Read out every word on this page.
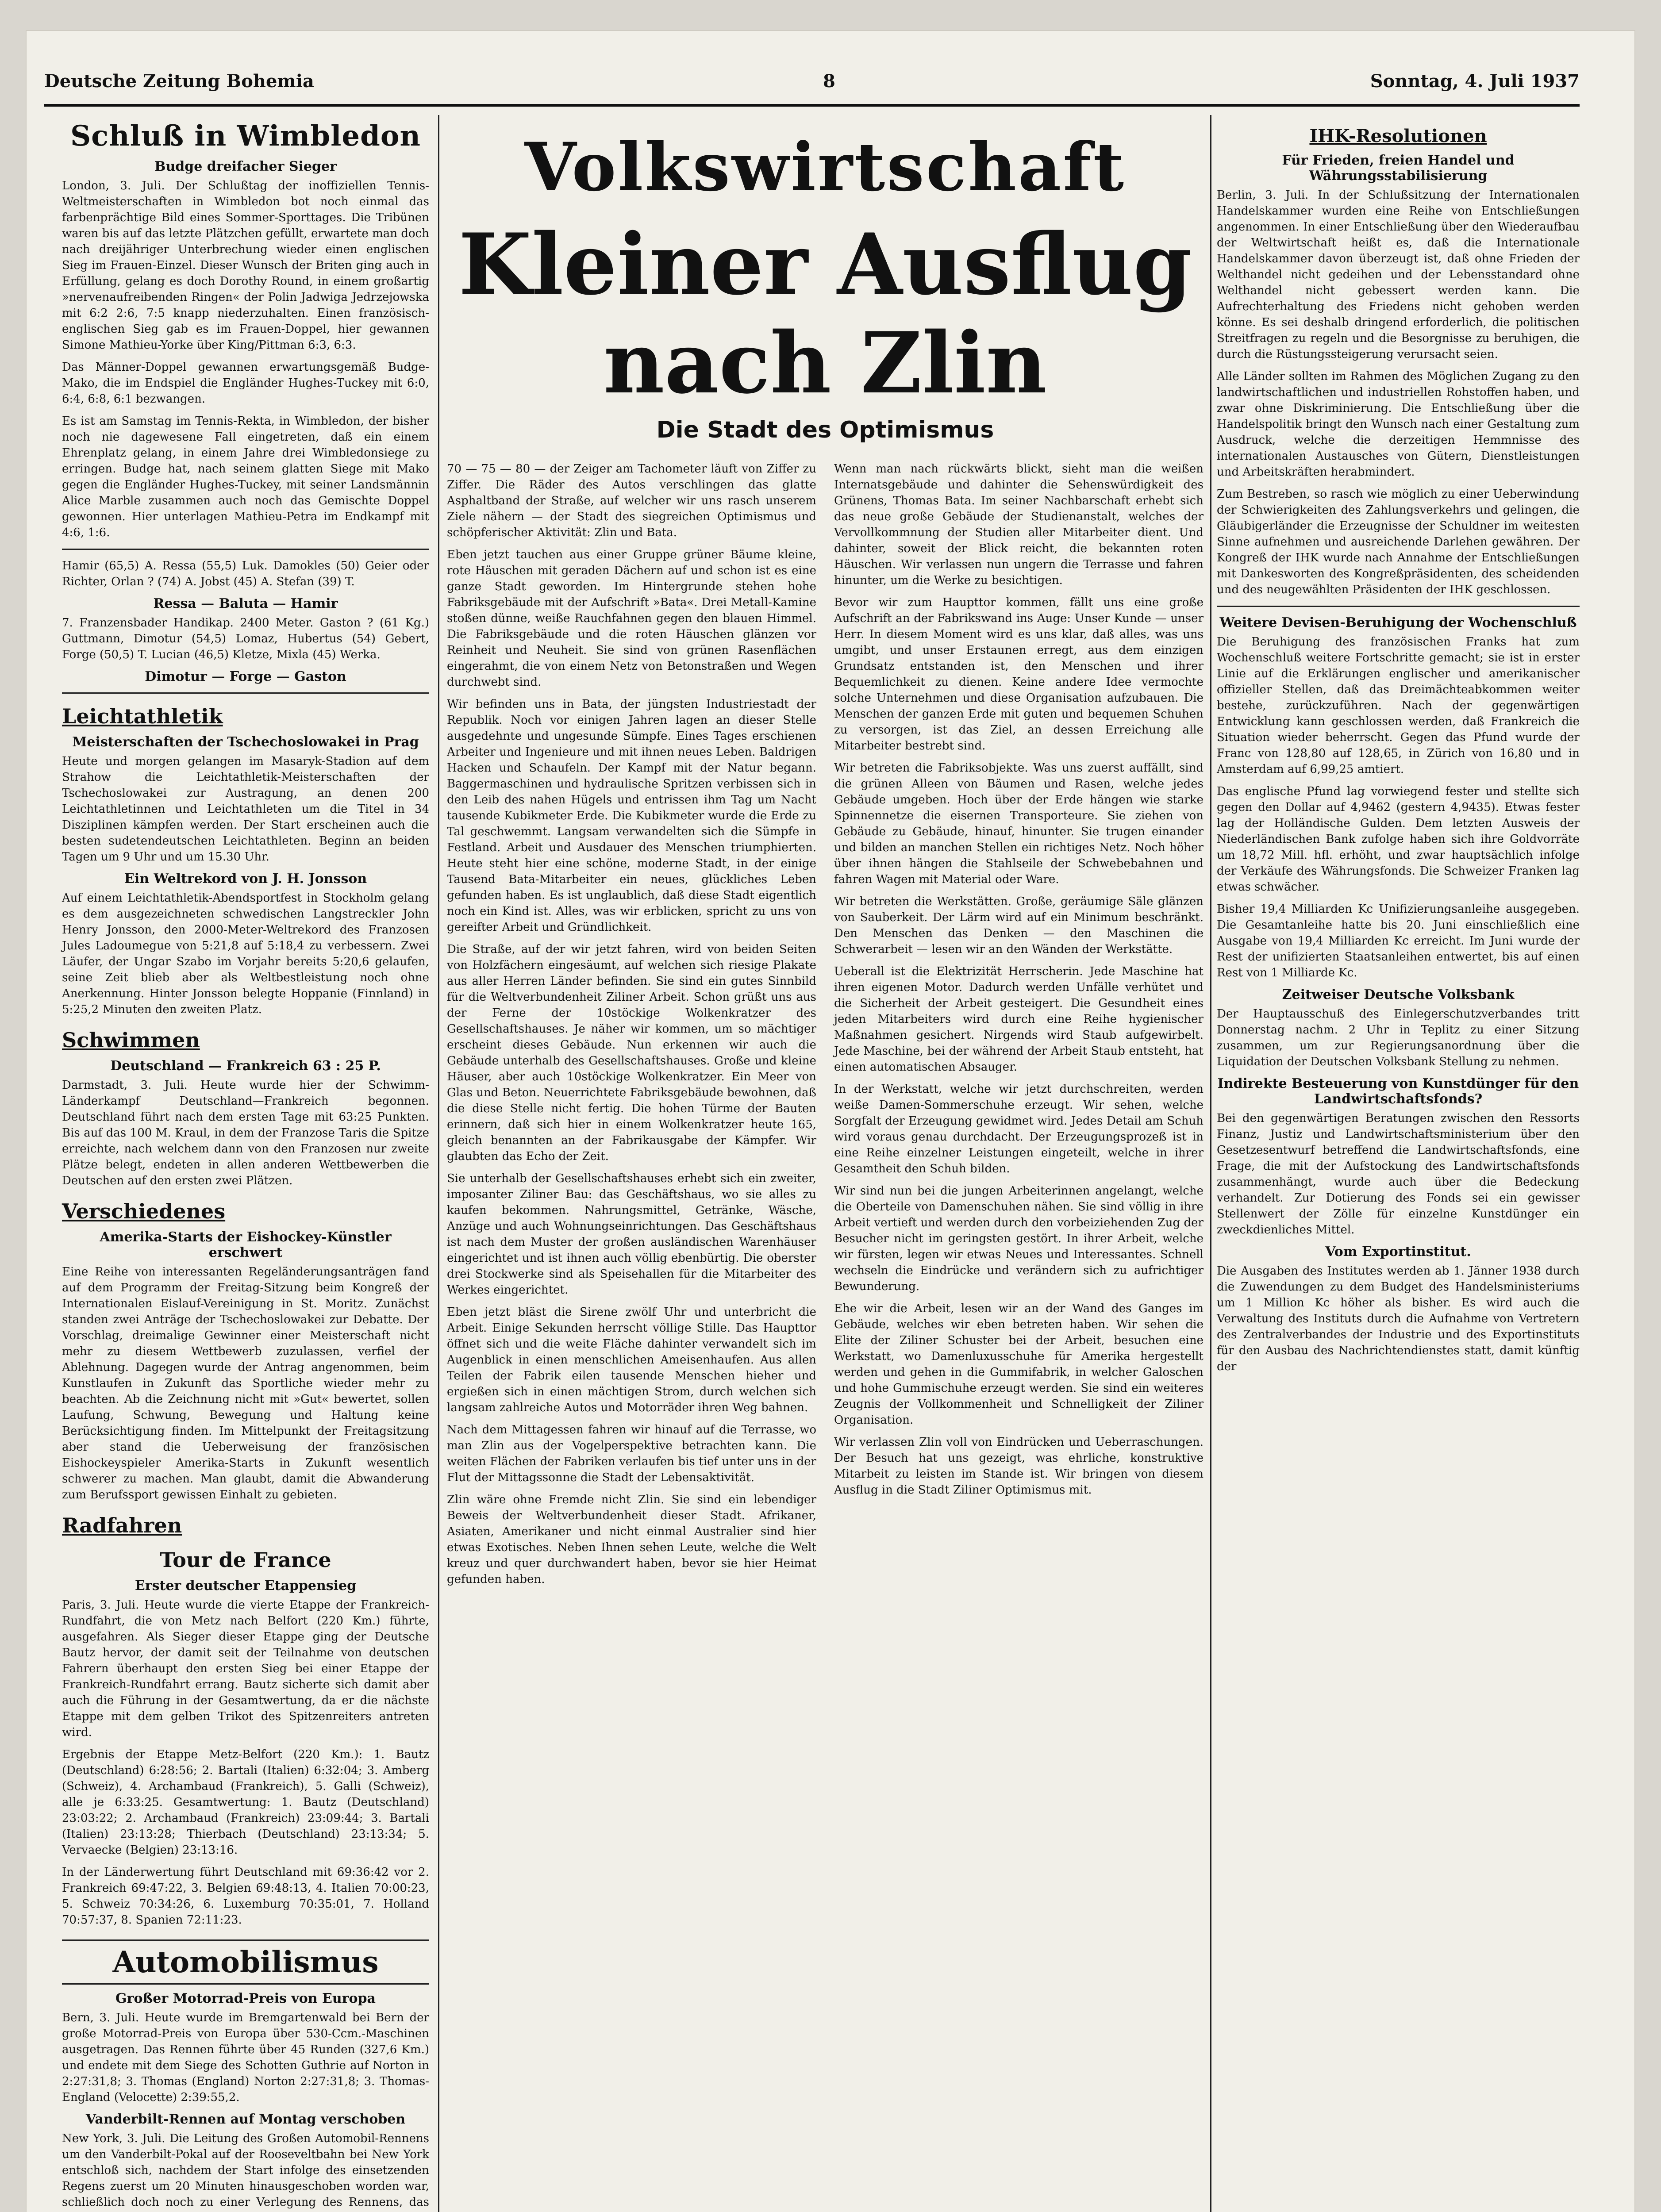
Deutsche Zeitung Bohemia	8	Sonntag, 4. Juli 1937
Schluß in Wimbledon
Budge dreifacher Sieger

London, 3. Juli. Der Schlußtag der inoffiziellen Tennis-Weltmeisterschaften in Wimbledon bot noch einmal das farbenprächtige Bild eines Sommer-Sporttages. Die Tribünen waren bis auf das letzte Plätzchen gefüllt, erwartete man doch nach dreijähriger Unterbrechung wieder einen englischen Sieg im Frauen-Einzel. Dieser Wunsch der Briten ging auch in Erfüllung, gelang es doch Dorothy Round, in einem großartig »nervenaufreibenden Ringen« der Polin Jadwiga Jedrzejowska mit 6:2 2:6, 7:5 knapp niederzuhalten. Einen französisch-englischen Sieg gab es im Frauen-Doppel, hier gewannen Simone Mathieu-Yorke über King/Pittman 6:3, 6:3.

Das Männer-Doppel gewannen erwartungsgemäß Budge-Mako, die im Endspiel die Engländer Hughes-Tuckey mit 6:0, 6:4, 6:8, 6:1 bezwangen.

Es ist am Samstag im Tennis-Rekta, in Wimbledon, der bisher noch nie dagewesene Fall eingetreten, daß ein einem Ehrenplatz gelang, in einem Jahre drei Wimbledonsiege zu erringen. Budge hat, nach seinem glatten Siege mit Mako gegen die Engländer Hughes-Tuckey, mit seiner Landsmännin Alice Marble zusammen auch noch das Gemischte Doppel gewonnen. Hier unterlagen Mathieu-Petra im Endkampf mit 4:6, 1:6.

Hamir (65,5) A. Ressa (55,5) Luk. Damokles (50) Geier oder Richter, Orlan ? (74) A. Jobst (45) A. Stefan (39) T.

Ressa — Baluta — Hamir

7. Franzensbader Handikap. 2400 Meter. Gaston ? (61 Kg.) Guttmann, Dimotur (54,5) Lomaz, Hubertus (54) Gebert, Forge (50,5) T. Lucian (46,5) Kletze, Mixla (45) Werka.

Dimotur — Forge — Gaston
Leichtathletik
Meisterschaften der Tschechoslowakei in Prag

Heute und morgen gelangen im Masaryk-Stadion auf dem Strahow die Leichtathletik-Meisterschaften der Tschechoslowakei zur Austragung, an denen 200 Leichtathletinnen und Leichtathleten um die Titel in 34 Disziplinen kämpfen werden. Der Start erscheinen auch die besten sudetendeutschen Leichtathleten. Beginn an beiden Tagen um 9 Uhr und um 15.30 Uhr.

Ein Weltrekord von J. H. Jonsson

Auf einem Leichtathletik-Abendsportfest in Stockholm gelang es dem ausgezeichneten schwedischen Langstreckler John Henry Jonsson, den 2000-Meter-Weltrekord des Franzosen Jules Ladoumegue von 5:21,8 auf 5:18,4 zu verbessern. Zwei Läufer, der Ungar Szabo im Vorjahr bereits 5:20,6 gelaufen, seine Zeit blieb aber als Weltbestleistung noch ohne Anerkennung. Hinter Jonsson belegte Hoppanie (Finnland) in 5:25,2 Minuten den zweiten Platz.

Schwimmen
Deutschland — Frankreich 63 : 25 P.

Darmstadt, 3. Juli. Heute wurde hier der Schwimm-Länderkampf Deutschland—Frankreich begonnen. Deutschland führt nach dem ersten Tage mit 63:25 Punkten. Bis auf das 100 M. Kraul, in dem der Franzose Taris die Spitze erreichte, nach welchem dann von den Franzosen nur zweite Plätze belegt, endeten in allen anderen Wettbewerben die Deutschen auf den ersten zwei Plätzen.

Verschiedenes
Amerika-Starts der Eishockey-Künstler erschwert

Eine Reihe von interessanten Regeländerungsanträgen fand auf dem Programm der Freitag-Sitzung beim Kongreß der Internationalen Eislauf-Vereinigung in St. Moritz. Zunächst standen zwei Anträge der Tschechoslowakei zur Debatte. Der Vorschlag, dreimalige Gewinner einer Meisterschaft nicht mehr zu diesem Wettbewerb zuzulassen, verfiel der Ablehnung. Dagegen wurde der Antrag angenommen, beim Kunstlaufen in Zukunft das Sportliche wieder mehr zu beachten. Ab die Zeichnung nicht mit »Gut« bewertet, sollen Laufung, Schwung, Bewegung und Haltung keine Berücksichtigung finden. Im Mittelpunkt der Freitagsitzung aber stand die Ueberweisung der französischen Eishockeyspieler Amerika-Starts in Zukunft wesentlich schwerer zu machen. Man glaubt, damit die Abwanderung zum Berufssport gewissen Einhalt zu gebieten.

Radfahren
Tour de France
Erster deutscher Etappensieg

Paris, 3. Juli. Heute wurde die vierte Etappe der Frankreich-Rundfahrt, die von Metz nach Belfort (220 Km.) führte, ausgefahren. Als Sieger dieser Etappe ging der Deutsche Bautz hervor, der damit seit der Teilnahme von deutschen Fahrern überhaupt den ersten Sieg bei einer Etappe der Frankreich-Rundfahrt errang. Bautz sicherte sich damit aber auch die Führung in der Gesamtwertung, da er die nächste Etappe mit dem gelben Trikot des Spitzenreiters antreten wird.

Ergebnis der Etappe Metz-Belfort (220 Km.): 1. Bautz (Deutschland) 6:28:56; 2. Bartali (Italien) 6:32:04; 3. Amberg (Schweiz), 4. Archambaud (Frankreich), 5. Galli (Schweiz), alle je 6:33:25. Gesamtwertung: 1. Bautz (Deutschland) 23:03:22; 2. Archambaud (Frankreich) 23:09:44; 3. Bartali (Italien) 23:13:28; Thierbach (Deutschland) 23:13:34; 5. Vervaecke (Belgien) 23:13:16.

In der Länderwertung führt Deutschland mit 69:36:42 vor 2. Frankreich 69:47:22, 3. Belgien 69:48:13, 4. Italien 70:00:23, 5. Schweiz 70:34:26, 6. Luxemburg 70:35:01, 7. Holland 70:57:37, 8. Spanien 72:11:23.

Automobilismus
Großer Motorrad-Preis von Europa

Bern, 3. Juli. Heute wurde im Bremgartenwald bei Bern der große Motorrad-Preis von Europa über 530-Ccm.-Maschinen ausgetragen. Das Rennen führte über 45 Runden (327,6 Km.) und endete mit dem Siege des Schotten Guthrie auf Norton in 2:27:31,8; 3. Thomas (England) Norton 2:27:31,8; 3. Thomas-England (Velocette) 2:39:55,2.

Vanderbilt-Rennen auf Montag verschoben

New York, 3. Juli. Die Leitung des Großen Automobil-Rennens um den Vanderbilt-Pokal auf der Rooseveltbahn bei New York entschloß sich, nachdem der Start infolge des einsetzenden Regens zuerst um 20 Minuten hinausgeschoben worden war, schließlich doch noch zu einer Verlegung des Rennens, das

Volkswirtschaft
Kleiner Ausflug nach Zlin
Die Stadt des Optimismus

70 — 75 — 80 — der Zeiger am Tachometer läuft von Ziffer zu Ziffer. Die Räder des Autos verschlingen das glatte Asphaltband der Straße, auf welcher wir uns rasch unserem Ziele nähern — der Stadt des siegreichen Optimismus und schöpferischer Aktivität: Zlin und Bata.

Eben jetzt tauchen aus einer Gruppe grüner Bäume kleine, rote Häuschen mit geraden Dächern auf und schon ist es eine ganze Stadt geworden. Im Hintergrunde stehen hohe Fabriksgebäude mit der Aufschrift »Bata«. Drei Metall-Kamine stoßen dünne, weiße Rauchfahnen gegen den blauen Himmel. Die Fabriksgebäude und die roten Häuschen glänzen vor Reinheit und Neuheit. Sie sind von grünen Rasenflächen eingerahmt, die von einem Netz von Betonstraßen und Wegen durchwebt sind.

Wir befinden uns in Bata, der jüngsten Industriestadt der Republik. Noch vor einigen Jahren lagen an dieser Stelle ausgedehnte und ungesunde Sümpfe. Eines Tages erschienen Arbeiter und Ingenieure und mit ihnen neues Leben. Baldrigen Hacken und Schaufeln. Der Kampf mit der Natur begann. Baggermaschinen und hydraulische Spritzen verbissen sich in den Leib des nahen Hügels und entrissen ihm Tag um Nacht tausende Kubikmeter Erde. Die Kubikmeter wurde die Erde zu Tal geschwemmt. Langsam verwandelten sich die Sümpfe in Festland. Arbeit und Ausdauer des Menschen triumphierten. Heute steht hier eine schöne, moderne Stadt, in der einige Tausend Bata-Mitarbeiter ein neues, glückliches Leben gefunden haben. Es ist unglaublich, daß diese Stadt eigentlich noch ein Kind ist. Alles, was wir erblicken, spricht zu uns von gereifter Arbeit und Gründlichkeit.

Die Straße, auf der wir jetzt fahren, wird von beiden Seiten von Holzfächern eingesäumt, auf welchen sich riesige Plakate aus aller Herren Länder befinden. Sie sind ein gutes Sinnbild für die Weltverbundenheit Ziliner Arbeit. Schon grüßt uns aus der Ferne der 10stöckige Wolkenkratzer des Gesellschaftshauses. Je näher wir kommen, um so mächtiger erscheint dieses Gebäude. Nun erkennen wir auch die Gebäude unterhalb des Gesellschaftshauses. Große und kleine Häuser, aber auch 10stöckige Wolkenkratzer. Ein Meer von Glas und Beton. Neuerrichtete Fabriksgebäude bewohnen, daß die diese Stelle nicht fertig. Die hohen Türme der Bauten erinnern, daß sich hier in einem Wolkenkratzer heute 165, gleich benannten an der Fabrikausgabe der Kämpfer. Wir glaubten das Echo der Zeit.

Sie unterhalb der Gesellschaftshauses erhebt sich ein zweiter, imposanter Ziliner Bau: das Geschäftshaus, wo sie alles zu kaufen bekommen. Nahrungsmittel, Getränke, Wäsche, Anzüge und auch Wohnungseinrichtungen. Das Geschäftshaus ist nach dem Muster der großen ausländischen Warenhäuser eingerichtet und ist ihnen auch völlig ebenbürtig. Die oberster drei Stockwerke sind als Speisehallen für die Mitarbeiter des Werkes eingerichtet.

Eben jetzt bläst die Sirene zwölf Uhr und unterbricht die Arbeit. Einige Sekunden herrscht völlige Stille. Das Haupttor öffnet sich und die weite Fläche dahinter verwandelt sich im Augenblick in einen menschlichen Ameisenhaufen. Aus allen Teilen der Fabrik eilen tausende Menschen hieher und ergießen sich in einen mächtigen Strom, durch welchen sich langsam zahlreiche Autos und Motorräder ihren Weg bahnen.

Nach dem Mittagessen fahren wir hinauf auf die Terrasse, wo man Zlin aus der Vogelperspektive betrachten kann. Die weiten Flächen der Fabriken verlaufen bis tief unter uns in der Flut der Mittagssonne die Stadt der Lebensaktivität.

Zlin wäre ohne Fremde nicht Zlin. Sie sind ein lebendiger Beweis der Weltverbundenheit dieser Stadt. Afrikaner, Asiaten, Amerikaner und nicht einmal Australier sind hier etwas Exotisches. Neben Ihnen sehen Leute, welche die Welt kreuz und quer durchwandert haben, bevor sie hier Heimat gefunden haben.

Wenn man nach rückwärts blickt, sieht man die weißen Internatsgebäude und dahinter die Sehenswürdigkeit des Grünens, Thomas Bata. Im seiner Nachbarschaft erhebt sich das neue große Gebäude der Studienanstalt, welches der Vervollkommnung der Studien aller Mitarbeiter dient. Und dahinter, soweit der Blick reicht, die bekannten roten Häuschen. Wir verlassen nun ungern die Terrasse und fahren hinunter, um die Werke zu besichtigen.

Bevor wir zum Haupttor kommen, fällt uns eine große Aufschrift an der Fabrikswand ins Auge: Unser Kunde — unser Herr. In diesem Moment wird es uns klar, daß alles, was uns umgibt, und unser Erstaunen erregt, aus dem einzigen Grundsatz entstanden ist, den Menschen und ihrer Bequemlichkeit zu dienen. Keine andere Idee vermochte solche Unternehmen und diese Organisation aufzubauen. Die Menschen der ganzen Erde mit guten und bequemen Schuhen zu versorgen, ist das Ziel, an dessen Erreichung alle Mitarbeiter bestrebt sind.

Wir betreten die Fabriksobjekte. Was uns zuerst auffällt, sind die grünen Alleen von Bäumen und Rasen, welche jedes Gebäude umgeben. Hoch über der Erde hängen wie starke Spinnennetze die eisernen Transporteure. Sie ziehen von Gebäude zu Gebäude, hinauf, hinunter. Sie trugen einander und bilden an manchen Stellen ein richtiges Netz. Noch höher über ihnen hängen die Stahlseile der Schwebebahnen und fahren Wagen mit Material oder Ware.

Wir betreten die Werkstätten. Große, geräumige Säle glänzen von Sauberkeit. Der Lärm wird auf ein Minimum beschränkt. Den Menschen das Denken — den Maschinen die Schwerarbeit — lesen wir an den Wänden der Werkstätte.

Ueberall ist die Elektrizität Herrscherin. Jede Maschine hat ihren eigenen Motor. Dadurch werden Unfälle verhütet und die Sicherheit der Arbeit gesteigert. Die Gesundheit eines jeden Mitarbeiters wird durch eine Reihe hygienischer Maßnahmen gesichert. Nirgends wird Staub aufgewirbelt. Jede Maschine, bei der während der Arbeit Staub entsteht, hat einen automatischen Absauger.

In der Werkstatt, welche wir jetzt durchschreiten, werden weiße Damen-Sommerschuhe erzeugt. Wir sehen, welche Sorgfalt der Erzeugung gewidmet wird. Jedes Detail am Schuh wird voraus genau durchdacht. Der Erzeugungsprozeß ist in eine Reihe einzelner Leistungen eingeteilt, welche in ihrer Gesamtheit den Schuh bilden.

Wir sind nun bei die jungen Arbeiterinnen angelangt, welche die Oberteile von Damenschuhen nähen. Sie sind völlig in ihre Arbeit vertieft und werden durch den vorbeiziehenden Zug der Besucher nicht im geringsten gestört. In ihrer Arbeit, welche wir fürsten, legen wir etwas Neues und Interessantes. Schnell wechseln die Eindrücke und verändern sich zu aufrichtiger Bewunderung.

Ehe wir die Arbeit, lesen wir an der Wand des Ganges im Gebäude, welches wir eben betreten haben. Wir sehen die Elite der Ziliner Schuster bei der Arbeit, besuchen eine Werkstatt, wo Damenluxusschuhe für Amerika hergestellt werden und gehen in die Gummifabrik, in welcher Galoschen und hohe Gummischuhe erzeugt werden. Sie sind ein weiteres Zeugnis der Vollkommenheit und Schnelligkeit der Ziliner Organisation.

Wir verlassen Zlin voll von Eindrücken und Ueberraschungen. Der Besuch hat uns gezeigt, was ehrliche, konstruktive Mitarbeit zu leisten im Stande ist. Wir bringen von diesem Ausflug in die Stadt Ziliner Optimismus mit.

IHK-Resolutionen
Für Frieden, freien Handel und Währungsstabilisierung

Berlin, 3. Juli. In der Schlußsitzung der Internationalen Handelskammer wurden eine Reihe von Entschließungen angenommen. In einer Entschließung über den Wiederaufbau der Weltwirtschaft heißt es, daß die Internationale Handelskammer davon überzeugt ist, daß ohne Frieden der Welthandel nicht gedeihen und der Lebensstandard ohne Welthandel nicht gebessert werden kann. Die Aufrechterhaltung des Friedens nicht gehoben werden könne. Es sei deshalb dringend erforderlich, die politischen Streitfragen zu regeln und die Besorgnisse zu beruhigen, die durch die Rüstungssteigerung verursacht seien.

Alle Länder sollten im Rahmen des Möglichen Zugang zu den landwirtschaftlichen und industriellen Rohstoffen haben, und zwar ohne Diskriminierung. Die Entschließung über die Handelspolitik bringt den Wunsch nach einer Gestaltung zum Ausdruck, welche die derzeitigen Hemmnisse des internationalen Austausches von Gütern, Dienstleistungen und Arbeitskräften herabmindert.

Zum Bestreben, so rasch wie möglich zu einer Ueberwindung der Schwierigkeiten des Zahlungsverkehrs und gelingen, die Gläubigerländer die Erzeugnisse der Schuldner im weitesten Sinne aufnehmen und ausreichende Darlehen gewähren. Der Kongreß der IHK wurde nach Annahme der Entschließungen mit Dankesworten des Kongreßpräsidenten, des scheidenden und des neugewählten Präsidenten der IHK geschlossen.

Weitere Devisen-Beruhigung der Wochenschluß

Die Beruhigung des französischen Franks hat zum Wochenschluß weitere Fortschritte gemacht; sie ist in erster Linie auf die Erklärungen englischer und amerikanischer offizieller Stellen, daß das Dreimächteabkommen weiter bestehe, zurückzuführen. Nach der gegenwärtigen Entwicklung kann geschlossen werden, daß Frankreich die Situation wieder beherrscht. Gegen das Pfund wurde der Franc von 128,80 auf 128,65, in Zürich von 16,80 und in Amsterdam auf 6,99,25 amtiert.

Das englische Pfund lag vorwiegend fester und stellte sich gegen den Dollar auf 4,9462 (gestern 4,9435). Etwas fester lag der Holländische Gulden. Dem letzten Ausweis der Niederländischen Bank zufolge haben sich ihre Goldvorräte um 18,72 Mill. hfl. erhöht, und zwar hauptsächlich infolge der Verkäufe des Währungsfonds. Die Schweizer Franken lag etwas schwächer.

Bisher 19,4 Milliarden Kc Unifizierungsanleihe ausgegeben. Die Gesamtanleihe hatte bis 20. Juni einschließlich eine Ausgabe von 19,4 Milliarden Kc erreicht. Im Juni wurde der Rest der unifizierten Staatsanleihen entwertet, bis auf einen Rest von 1 Milliarde Kc.

Zeitweiser Deutsche Volksbank

Der Hauptausschuß des Einlegerschutzverbandes tritt Donnerstag nachm. 2 Uhr in Teplitz zu einer Sitzung zusammen, um zur Regierungsanordnung über die Liquidation der Deutschen Volksbank Stellung zu nehmen.

Indirekte Besteuerung von Kunstdünger für den Landwirtschaftsfonds?

Bei den gegenwärtigen Beratungen zwischen den Ressorts Finanz, Justiz und Landwirtschaftsministerium über den Gesetzesentwurf betreffend die Landwirtschaftsfonds, eine Frage, die mit der Aufstockung des Landwirtschaftsfonds zusammenhängt, wurde auch über die Bedeckung verhandelt. Zur Dotierung des Fonds sei ein gewisser Stellenwert der Zölle für einzelne Kunstdünger ein zweckdienliches Mittel.

Vom Exportinstitut.

Die Ausgaben des Institutes werden ab 1. Jänner 1938 durch die Zuwendungen zu dem Budget des Handelsministeriums um 1 Million Kc höher als bisher. Es wird auch die Verwaltung des Instituts durch die Aufnahme von Vertretern des Zentralverbandes der Industrie und des Exportinstituts für den Ausbau des Nachrichtendienstes statt, damit künftig der
